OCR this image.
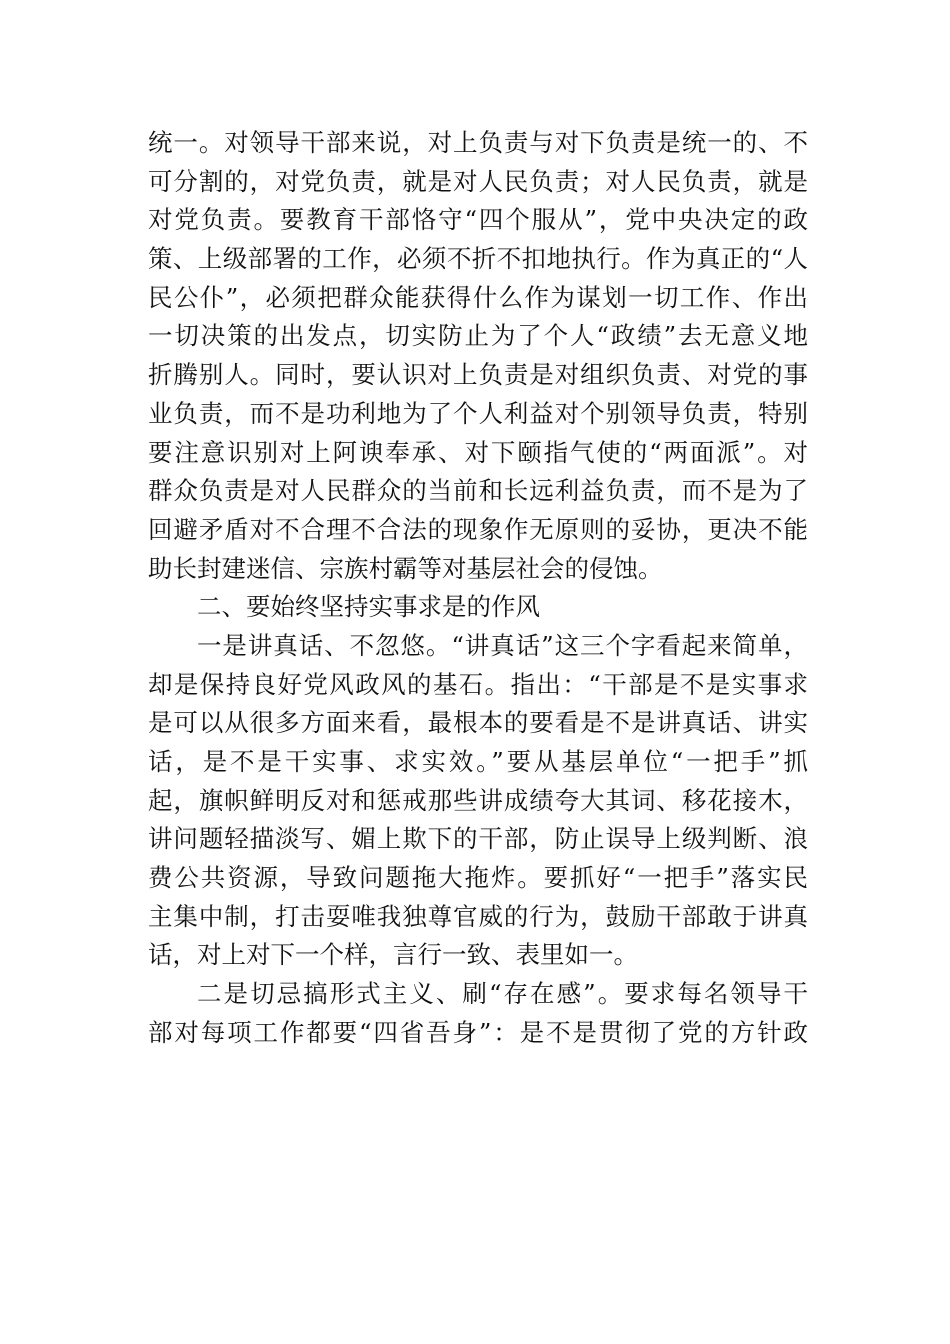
统一。对领导干部来说，对上负责与对下负责是统一的、不
可分割的，对党负责，就是对人民负责；对人民负责，就是
对党负责。要教育干部恪守“四个服从”，党中央决定的政
策、上级部署的工作，必须不折不扣地执行。作为真正的“人
民公仆”，必须把群众能获得什么作为谋划一切工作、作出
一切决策的出发点，切实防止为了个人“政绩”去无意义地
折腾别人。同时，要认识对上负责是对组织负责、对党的事
业负责，而不是功利地为了个人利益对个别领导负责，特别
要注意识别对上阿谀奉承、对下颐指气使的“两面派”。对
群众负责是对人民群众的当前和长远利益负责，而不是为了
回避矛盾对不合理不合法的现象作无原则的妥协，更决不能
助长封建迷信、宗族村霸等对基层社会的侵蚀。
二、要始终坚持实事求是的作风
一是讲真话、不忽悠。“讲真话”这三个字看起来简单，
却是保持良好党风政风的基石。指出：“干部是不是实事求
是可以从很多方面来看，最根本的要看是不是讲真话、讲实
话，是不是干实事、求实效。”要从基层单位“一把手”抓
起，旗帜鲜明反对和惩戒那些讲成绩夸大其词、移花接木，
讲问题轻描淡写、媚上欺下的干部，防止误导上级判断、浪
费公共资源，导致问题拖大拖炸。要抓好“一把手”落实民
主集中制，打击耍唯我独尊官威的行为，鼓励干部敢于讲真
话，对上对下一个样，言行一致、表里如一。
二是切忌搞形式主义、刷“存在感”。要求每名领导干
部对每项工作都要“四省吾身”：是不是贯彻了党的方针政
